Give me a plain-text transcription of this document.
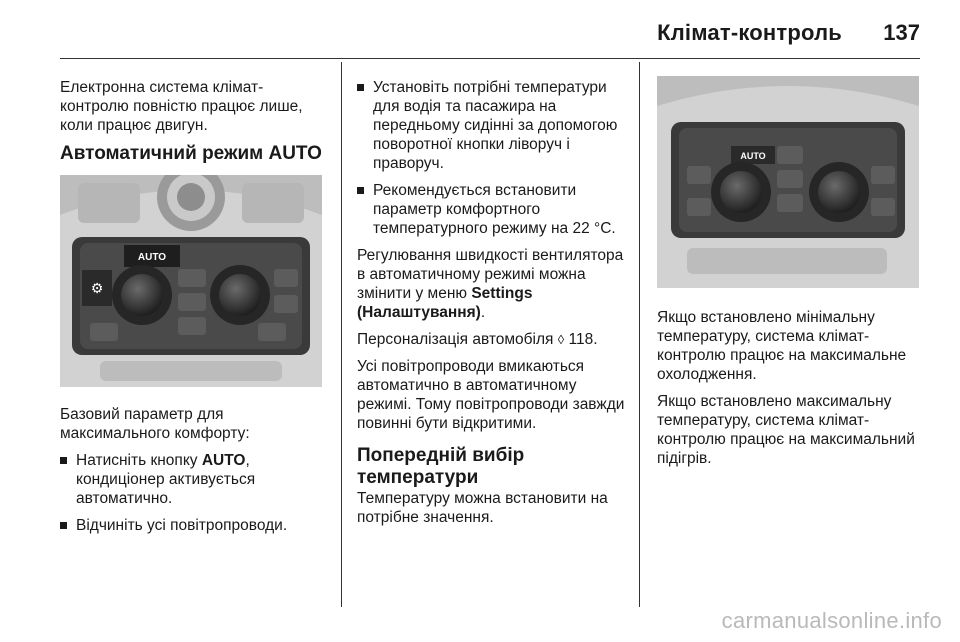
Клімат-контроль 137

Електронна система клімат-контролю повністю працює лише, коли працює двигун.

Автоматичний режим AUTO
⚙
AUTO

Базовий параметр для максимального комфорту:

Натисніть кнопку AUTO, кондиціонер активується автоматично.
Відчиніть усі повітропроводи.
Установіть потрібні температури для водія та пасажира на передньому сидінні за допомогою поворотної кнопки ліворуч і праворуч.
Рекомендується встановити параметр комфортного температурного режиму на 22 °C.

Регулювання швидкості вентилятора в автоматичному режимі можна змінити у меню Settings (Налаштування).

Персоналізація автомобіля ◊ 118.

Усі повітропроводи вмикаються автоматично в автоматичному режимі. Тому повітропроводи завжди повинні бути відкритими.

Попередній вибір температури

Температуру можна встановити на потрібне значення.

AUTO

Якщо встановлено мінімальну температуру, система клімат-контролю працює на максимальне охолодження.

Якщо встановлено максимальну температуру, система клімат-контролю працює на максимальний підігрів.

carmanualsonline.info
